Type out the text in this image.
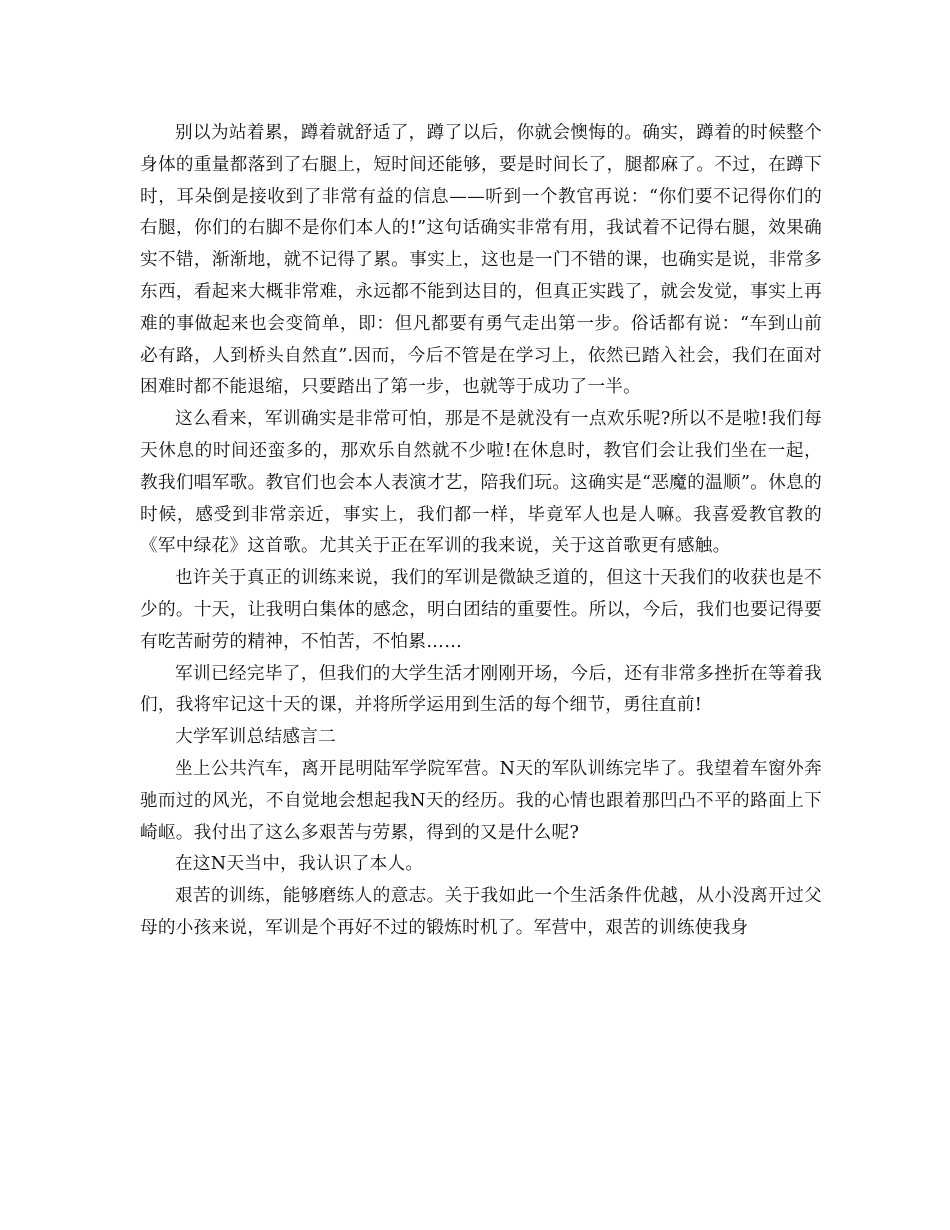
别以为站着累，蹲着就舒适了，蹲了以后，你就会懊悔的。确实，蹲着的时候整个身体的重量都落到了右腿上，短时间还能够，要是时间长了，腿都麻了。不过，在蹲下时，耳朵倒是接收到了非常有益的信息——听到一个教官再说：“你们要不记得你们的右腿，你们的右脚不是你们本人的!”这句话确实非常有用，我试着不记得右腿，效果确实不错，渐渐地，就不记得了累。事实上，这也是一门不错的课，也确实是说，非常多东西，看起来大概非常难，永远都不能到达目的，但真正实践了，就会发觉，事实上再难的事做起来也会变简单，即：但凡都要有勇气走出第一步。俗话都有说：“车到山前必有路，人到桥头自然直”.因而，今后不管是在学习上，依然已踏入社会，我们在面对困难时都不能退缩，只要踏出了第一步，也就等于成功了一半。

这么看来，军训确实是非常可怕，那是不是就没有一点欢乐呢?所以不是啦!我们每天休息的时间还蛮多的，那欢乐自然就不少啦!在休息时，教官们会让我们坐在一起，教我们唱军歌。教官们也会本人表演才艺，陪我们玩。这确实是“恶魔的温顺”。休息的时候，感受到非常亲近，事实上，我们都一样，毕竟军人也是人嘛。我喜爱教官教的《军中绿花》这首歌。尤其关于正在军训的我来说，关于这首歌更有感触。

也许关于真正的训练来说，我们的军训是微缺乏道的，但这十天我们的收获也是不少的。十天，让我明白集体的感念，明白团结的重要性。所以，今后，我们也要记得要有吃苦耐劳的精神，不怕苦，不怕累……

军训已经完毕了，但我们的大学生活才刚刚开场，今后，还有非常多挫折在等着我们，我将牢记这十天的课，并将所学运用到生活的每个细节，勇往直前!

大学军训总结感言二

坐上公共汽车，离开昆明陆军学院军营。N天的军队训练完毕了。我望着车窗外奔驰而过的风光，不自觉地会想起我N天的经历。我的心情也跟着那凹凸不平的路面上下崎岖。我付出了这么多艰苦与劳累，得到的又是什么呢?

在这N天当中，我认识了本人。

艰苦的训练，能够磨练人的意志。关于我如此一个生活条件优越，从小没离开过父母的小孩来说，军训是个再好不过的锻炼时机了。军营中，艰苦的训练使我身
